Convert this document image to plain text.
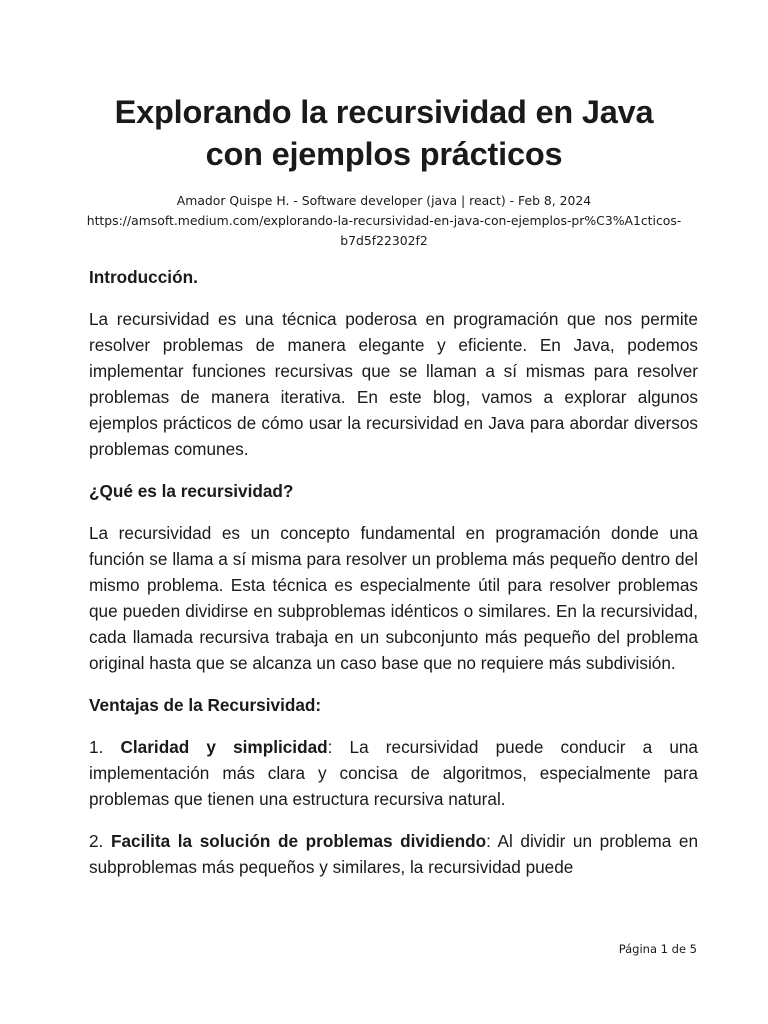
Explorando la recursividad en Java
con ejemplos prácticos
Amador Quispe H. - Software developer (java | react) - Feb 8, 2024
https://amsoft.medium.com/explorando-la-recursividad-en-java-con-ejemplos-pr%C3%A1cticos-
b7d5f22302f2

Introducción.

La recursividad es una técnica poderosa en programación que nos permite resolver problemas de manera elegante y eficiente. En Java, podemos implementar funciones recursivas que se llaman a sí mismas para resolver problemas de manera iterativa. En este blog, vamos a explorar algunos ejemplos prácticos de cómo usar la recursividad en Java para abordar diversos problemas comunes.

¿Qué es la recursividad?

La recursividad es un concepto fundamental en programación donde una función se llama a sí misma para resolver un problema más pequeño dentro del mismo problema. Esta técnica es especialmente útil para resolver problemas que pueden dividirse en subproblemas idénticos o similares. En la recursividad, cada llamada recursiva trabaja en un subconjunto más pequeño del problema original hasta que se alcanza un caso base que no requiere más subdivisión.

Ventajas de la Recursividad:

1. Claridad y simplicidad: La recursividad puede conducir a una implementación más clara y concisa de algoritmos, especialmente para problemas que tienen una estructura recursiva natural.

2. Facilita la solución de problemas dividiendo: Al dividir un problema en subproblemas más pequeños y similares, la recursividad puede

Página 1 de 5
